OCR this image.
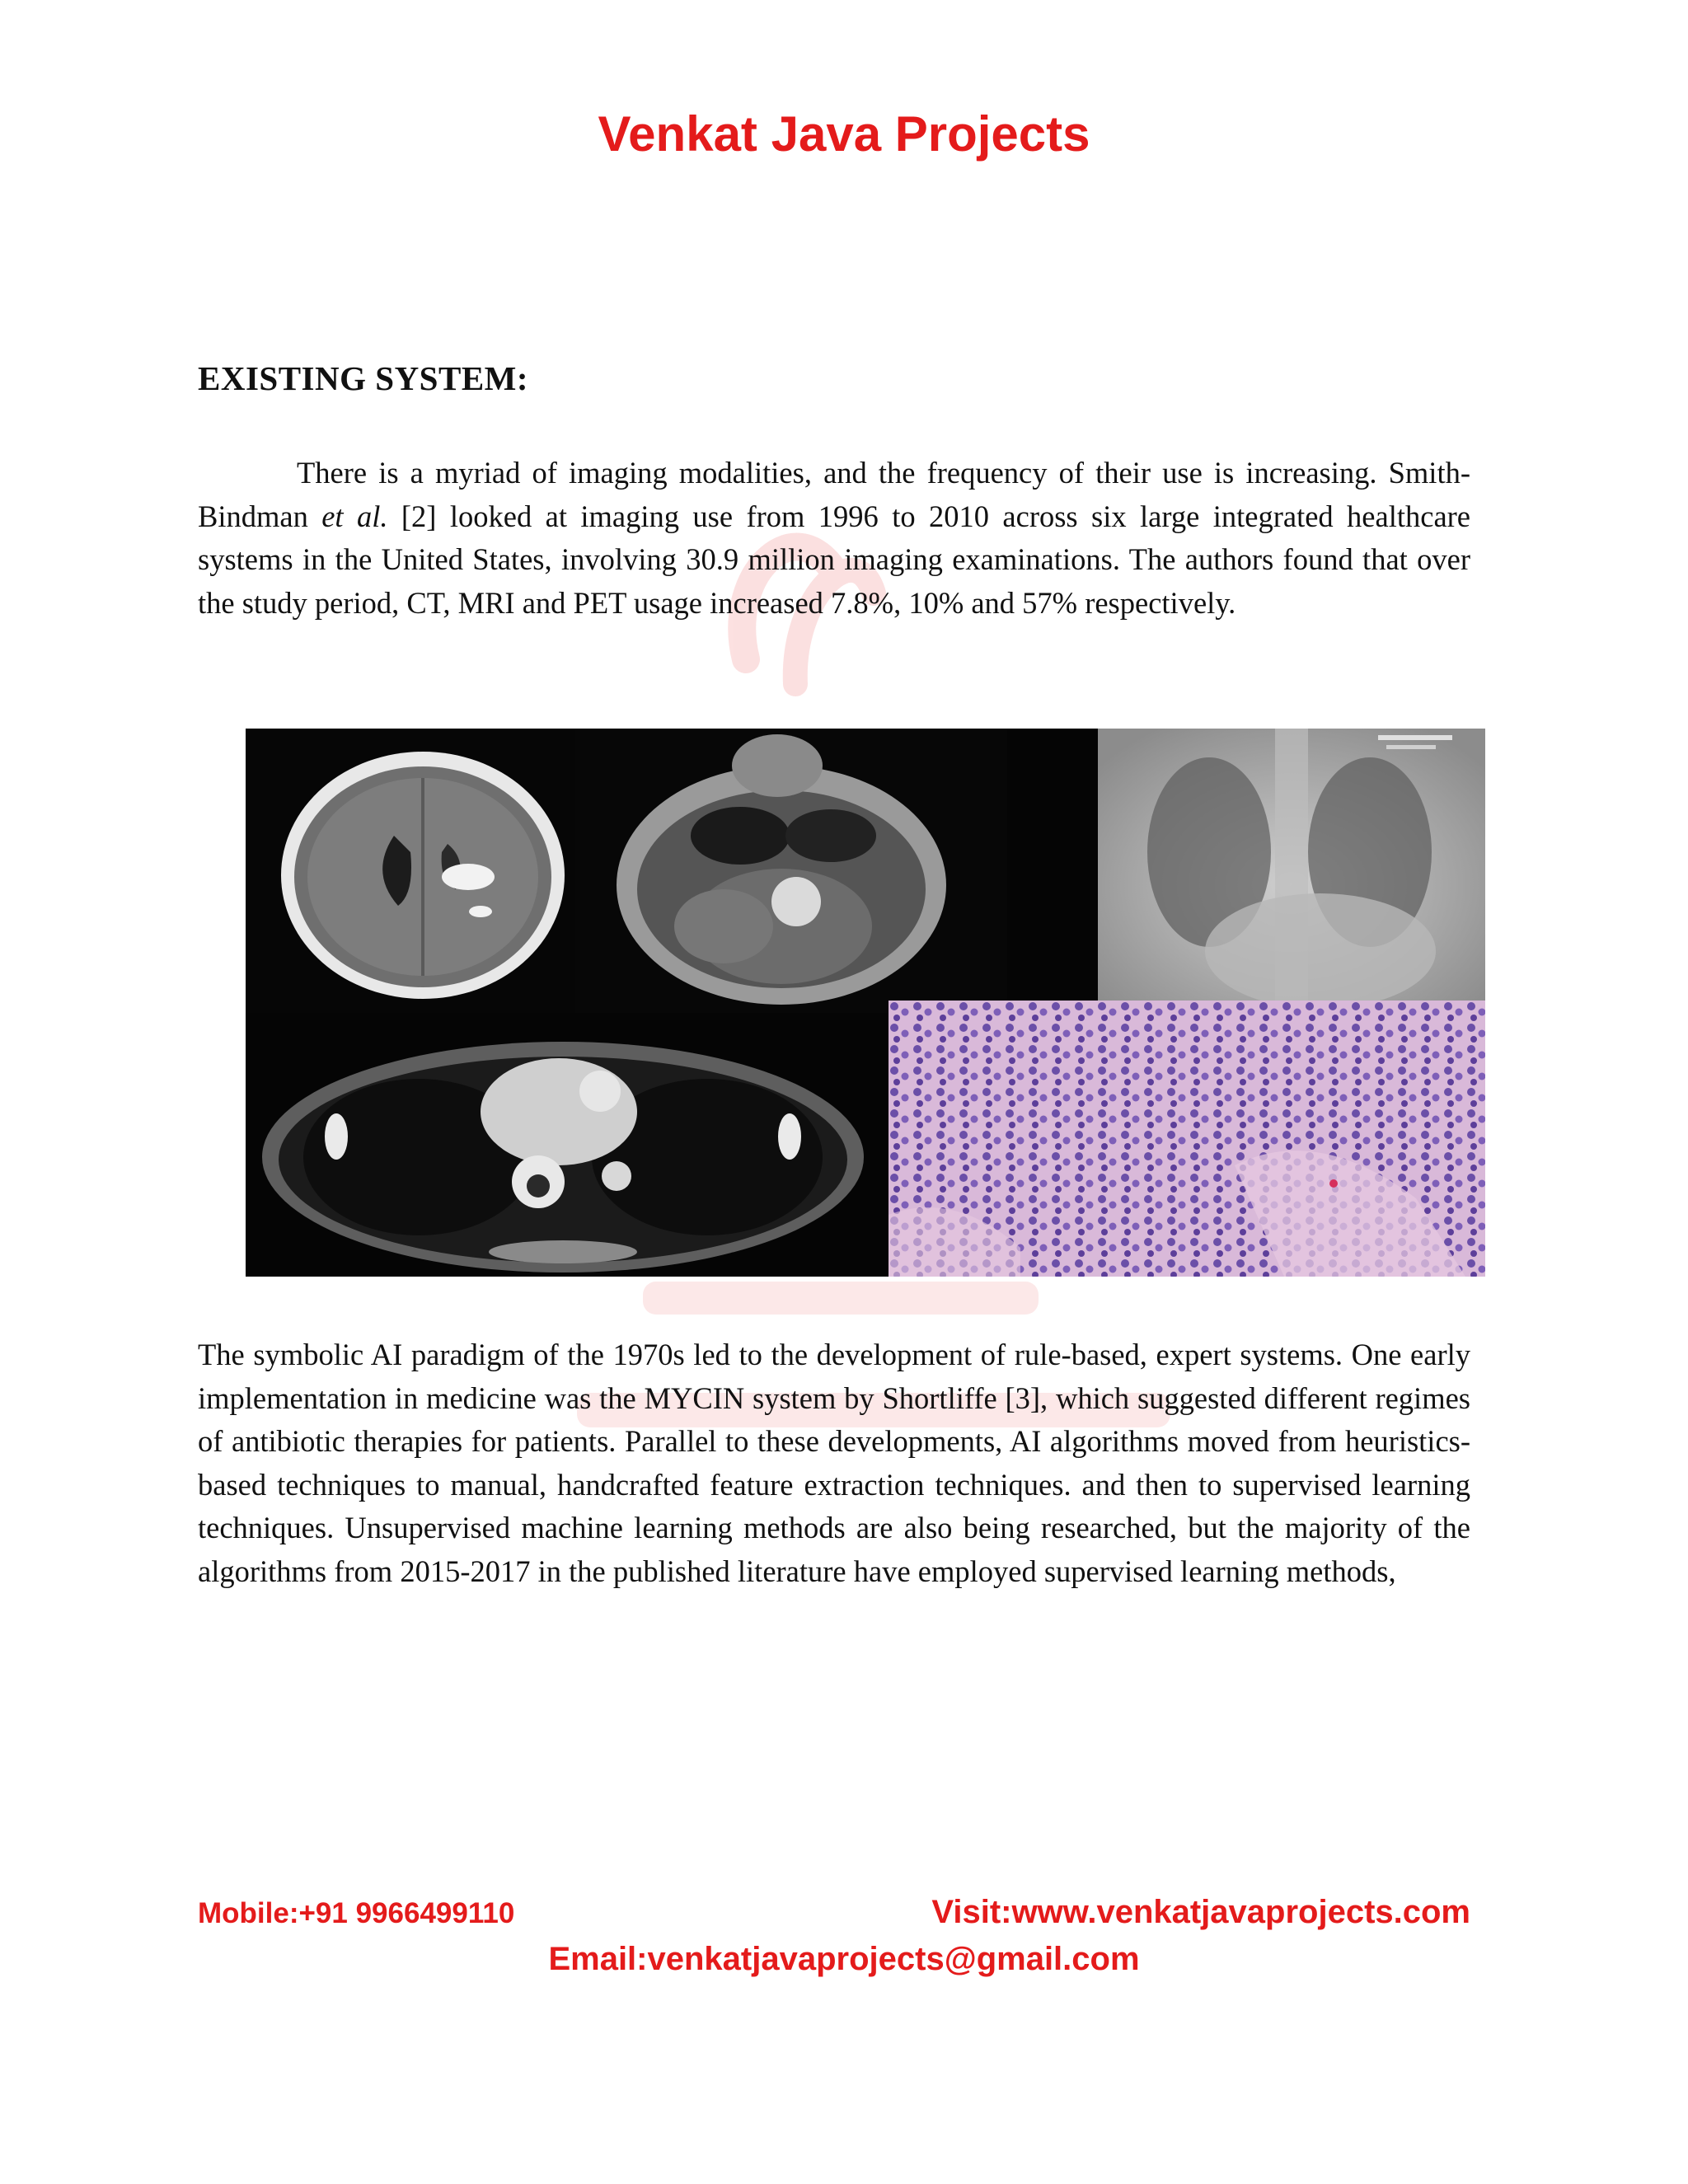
Venkat Java Projects
EXISTING SYSTEM:
There is a myriad of imaging modalities, and the frequency of their use is increasing. Smith-Bindman et al. [2] looked at imaging use from 1996 to 2010 across six large integrated healthcare systems in the United States, involving 30.9 million imaging examinations. The authors found that over the study period, CT, MRI and PET usage increased 7.8%, 10% and 57% respectively.
The symbolic AI paradigm of the 1970s led to the development of rule-based, expert systems. One early implementation in medicine was the MYCIN system by Shortliffe [3], which suggested different regimes of antibiotic therapies for patients. Parallel to these developments, AI algorithms moved from heuristics-based techniques to manual, handcrafted feature extraction techniques. and then to supervised learning techniques. Unsupervised machine learning methods are also being researched, but the majority of the algorithms from 2015-2017 in the published literature have employed supervised learning methods,
Mobile:+91 9966499110	Visit:www.venkatjavaprojects.com
Email:venkatjavaprojects@gmail.com
